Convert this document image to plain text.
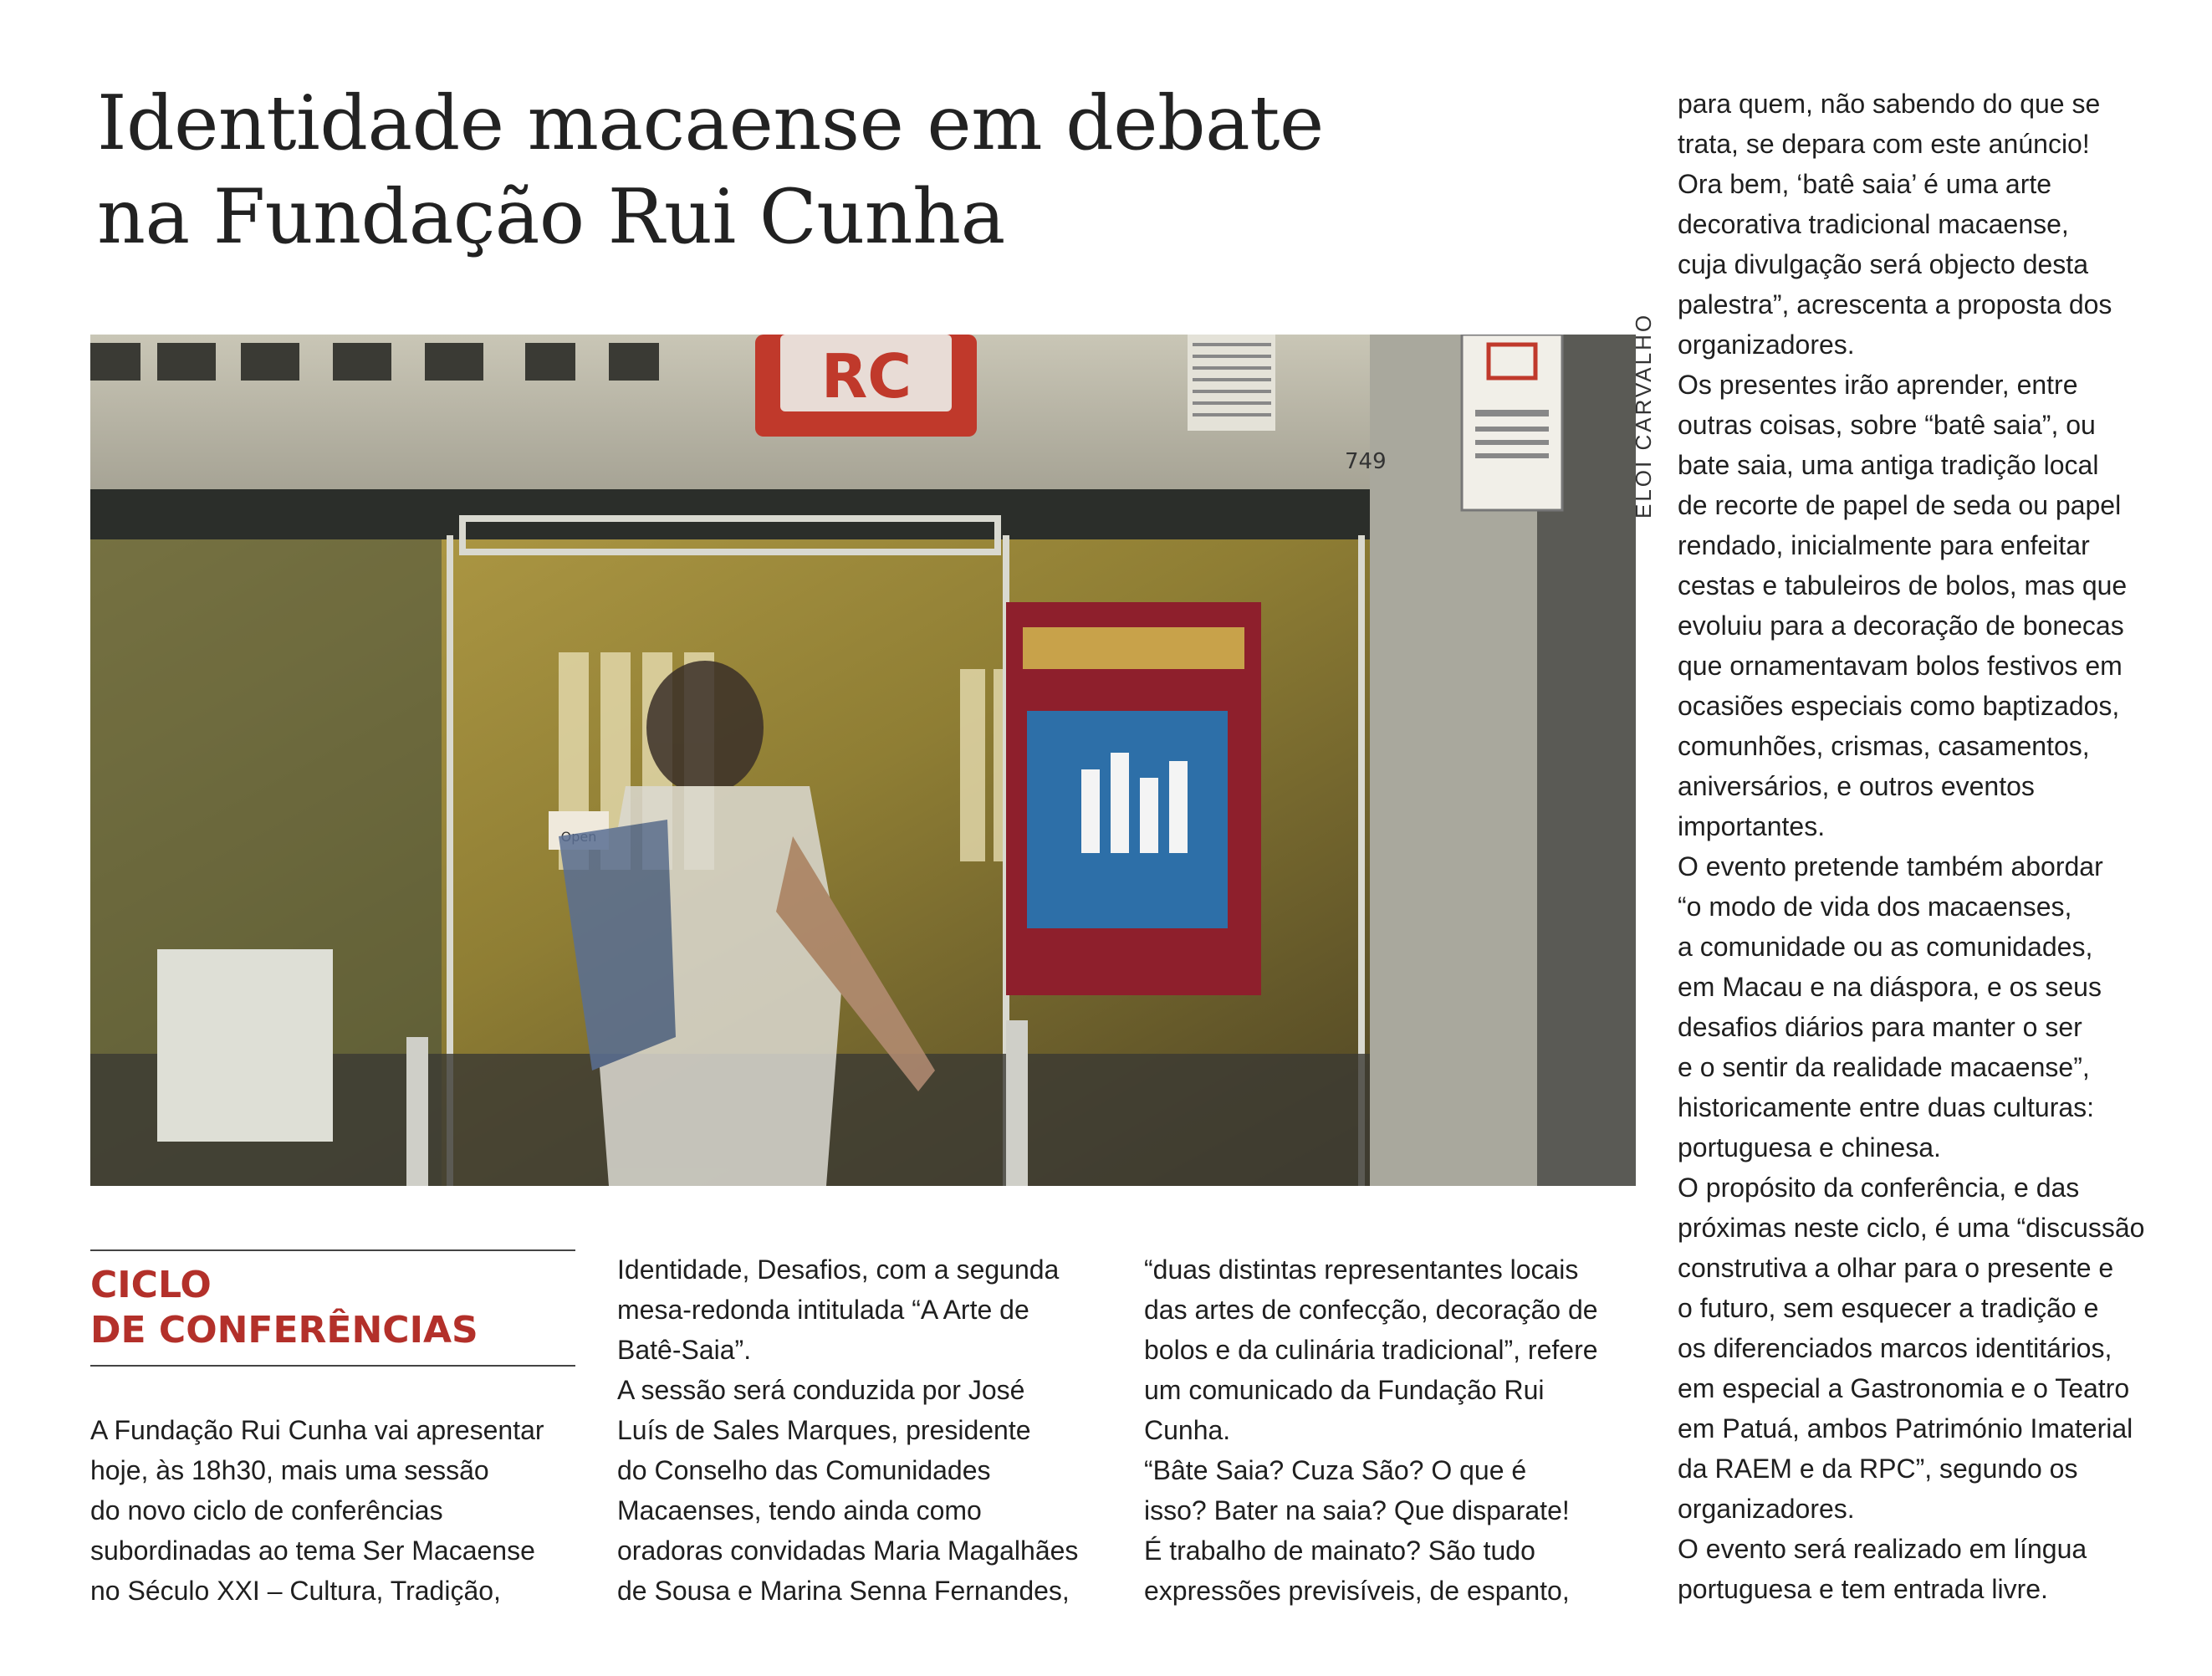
Identidade macaense em debate
na Fundação Rui Cunha
RC
749	ELOI CARVALHO
CICLO
DE CONFERÊNCIAS

A Fundação Rui Cunha vai apresentar

hoje, às 18h30, mais uma sessão

do novo ciclo de conferências

subordinadas ao tema Ser Macaense

no Século XXI – Cultura, Tradição,

Identidade, Desafios, com a segunda

mesa-redonda intitulada “A Arte de

Batê-Saia”.

A sessão será conduzida por José

Luís de Sales Marques, presidente

do Conselho das Comunidades

Macaenses, tendo ainda como

oradoras convidadas Maria Magalhães

de Sousa e Marina Senna Fernandes,

“duas distintas representantes locais

das artes de confecção, decoração de

bolos e da culinária tradicional”, refere

um comunicado da Fundação Rui

Cunha.

“Bâte Saia? Cuza São? O que é

isso? Bater na saia? Que disparate!

É trabalho de mainato? São tudo

expressões previsíveis, de espanto,

para quem, não sabendo do que se

trata, se depara com este anúncio!

Ora bem, ‘batê saia’ é uma arte

decorativa tradicional macaense,

cuja divulgação será objecto desta

palestra”, acrescenta a proposta dos

organizadores.

Os presentes irão aprender, entre

outras coisas, sobre “batê saia”, ou

bate saia, uma antiga tradição local

de recorte de papel de seda ou papel

rendado, inicialmente para enfeitar

cestas e tabuleiros de bolos, mas que

evoluiu para a decoração de bonecas

que ornamentavam bolos festivos em

ocasiões especiais como baptizados,

comunhões, crismas, casamentos,

aniversários, e outros eventos

importantes.

O evento pretende também abordar

“o modo de vida dos macaenses,

a comunidade ou as comunidades,

em Macau e na diáspora, e os seus

desafios diários para manter o ser

e o sentir da realidade macaense”,

historicamente entre duas culturas:

portuguesa e chinesa.

O propósito da conferência, e das

próximas neste ciclo, é uma “discussão

construtiva a olhar para o presente e

o futuro, sem esquecer a tradição e

os diferenciados marcos identitários,

em especial a Gastronomia e o Teatro

em Patuá, ambos Património Imaterial

da RAEM e da RPC”, segundo os

organizadores.

O evento será realizado em língua

portuguesa e tem entrada livre.
